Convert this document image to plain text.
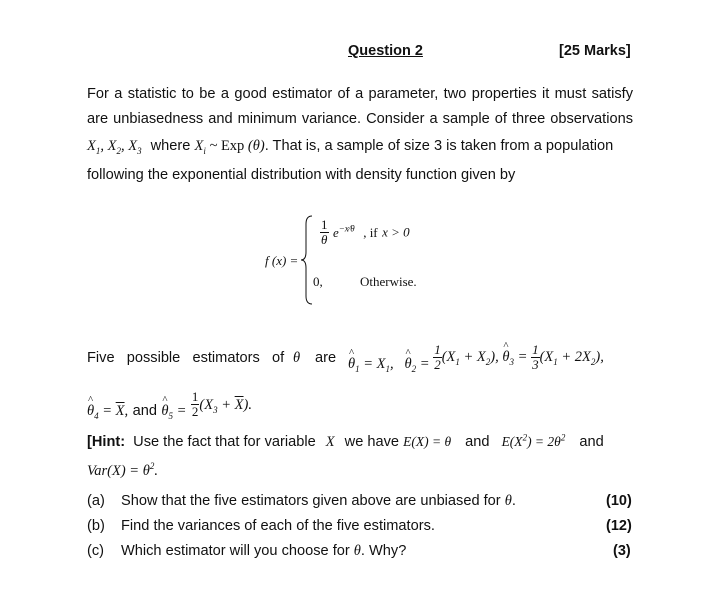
Question 2	[25 Marks]
For a statistic to be a good estimator of a parameter, two properties it must satisfy
are unbiasedness and minimum variance. Consider a sample of three observations
$X_1$, $X_2$, $X_3$ where $X_i$ ~ Exp (θ). That is, a sample of size 3 is taken from a population
following the exponential distribution with density function given by
f (x) =
$\frac{1}{\theta} e^{-x⁄\theta}$ , if x > 0
0,	Otherwise.
Five possible estimators of θ are ^ $\theta_1 = X_1$,   ^ $\theta_2 = \frac{1}{2} (X_1 + X_2)$, ^ $\theta_3 = \frac{1}{3} (X_1 + 2X_2)$,
^ $\theta_4 = \overline{X}$, and ^ $\theta_5 = \frac{1}{2} (X_3 + \overline{X})$.
[Hint: Use the fact that for variable X we have E(X) = θ and $E(X^2) = 2\theta^2$ and
$Var(X) = \theta^2$.
(a) Show that the five estimators given above are unbiased for θ.	(10)
(b) Find the variances of each of the five estimators.	(12)
(c) Which estimator will you choose for θ. Why?	(3)
